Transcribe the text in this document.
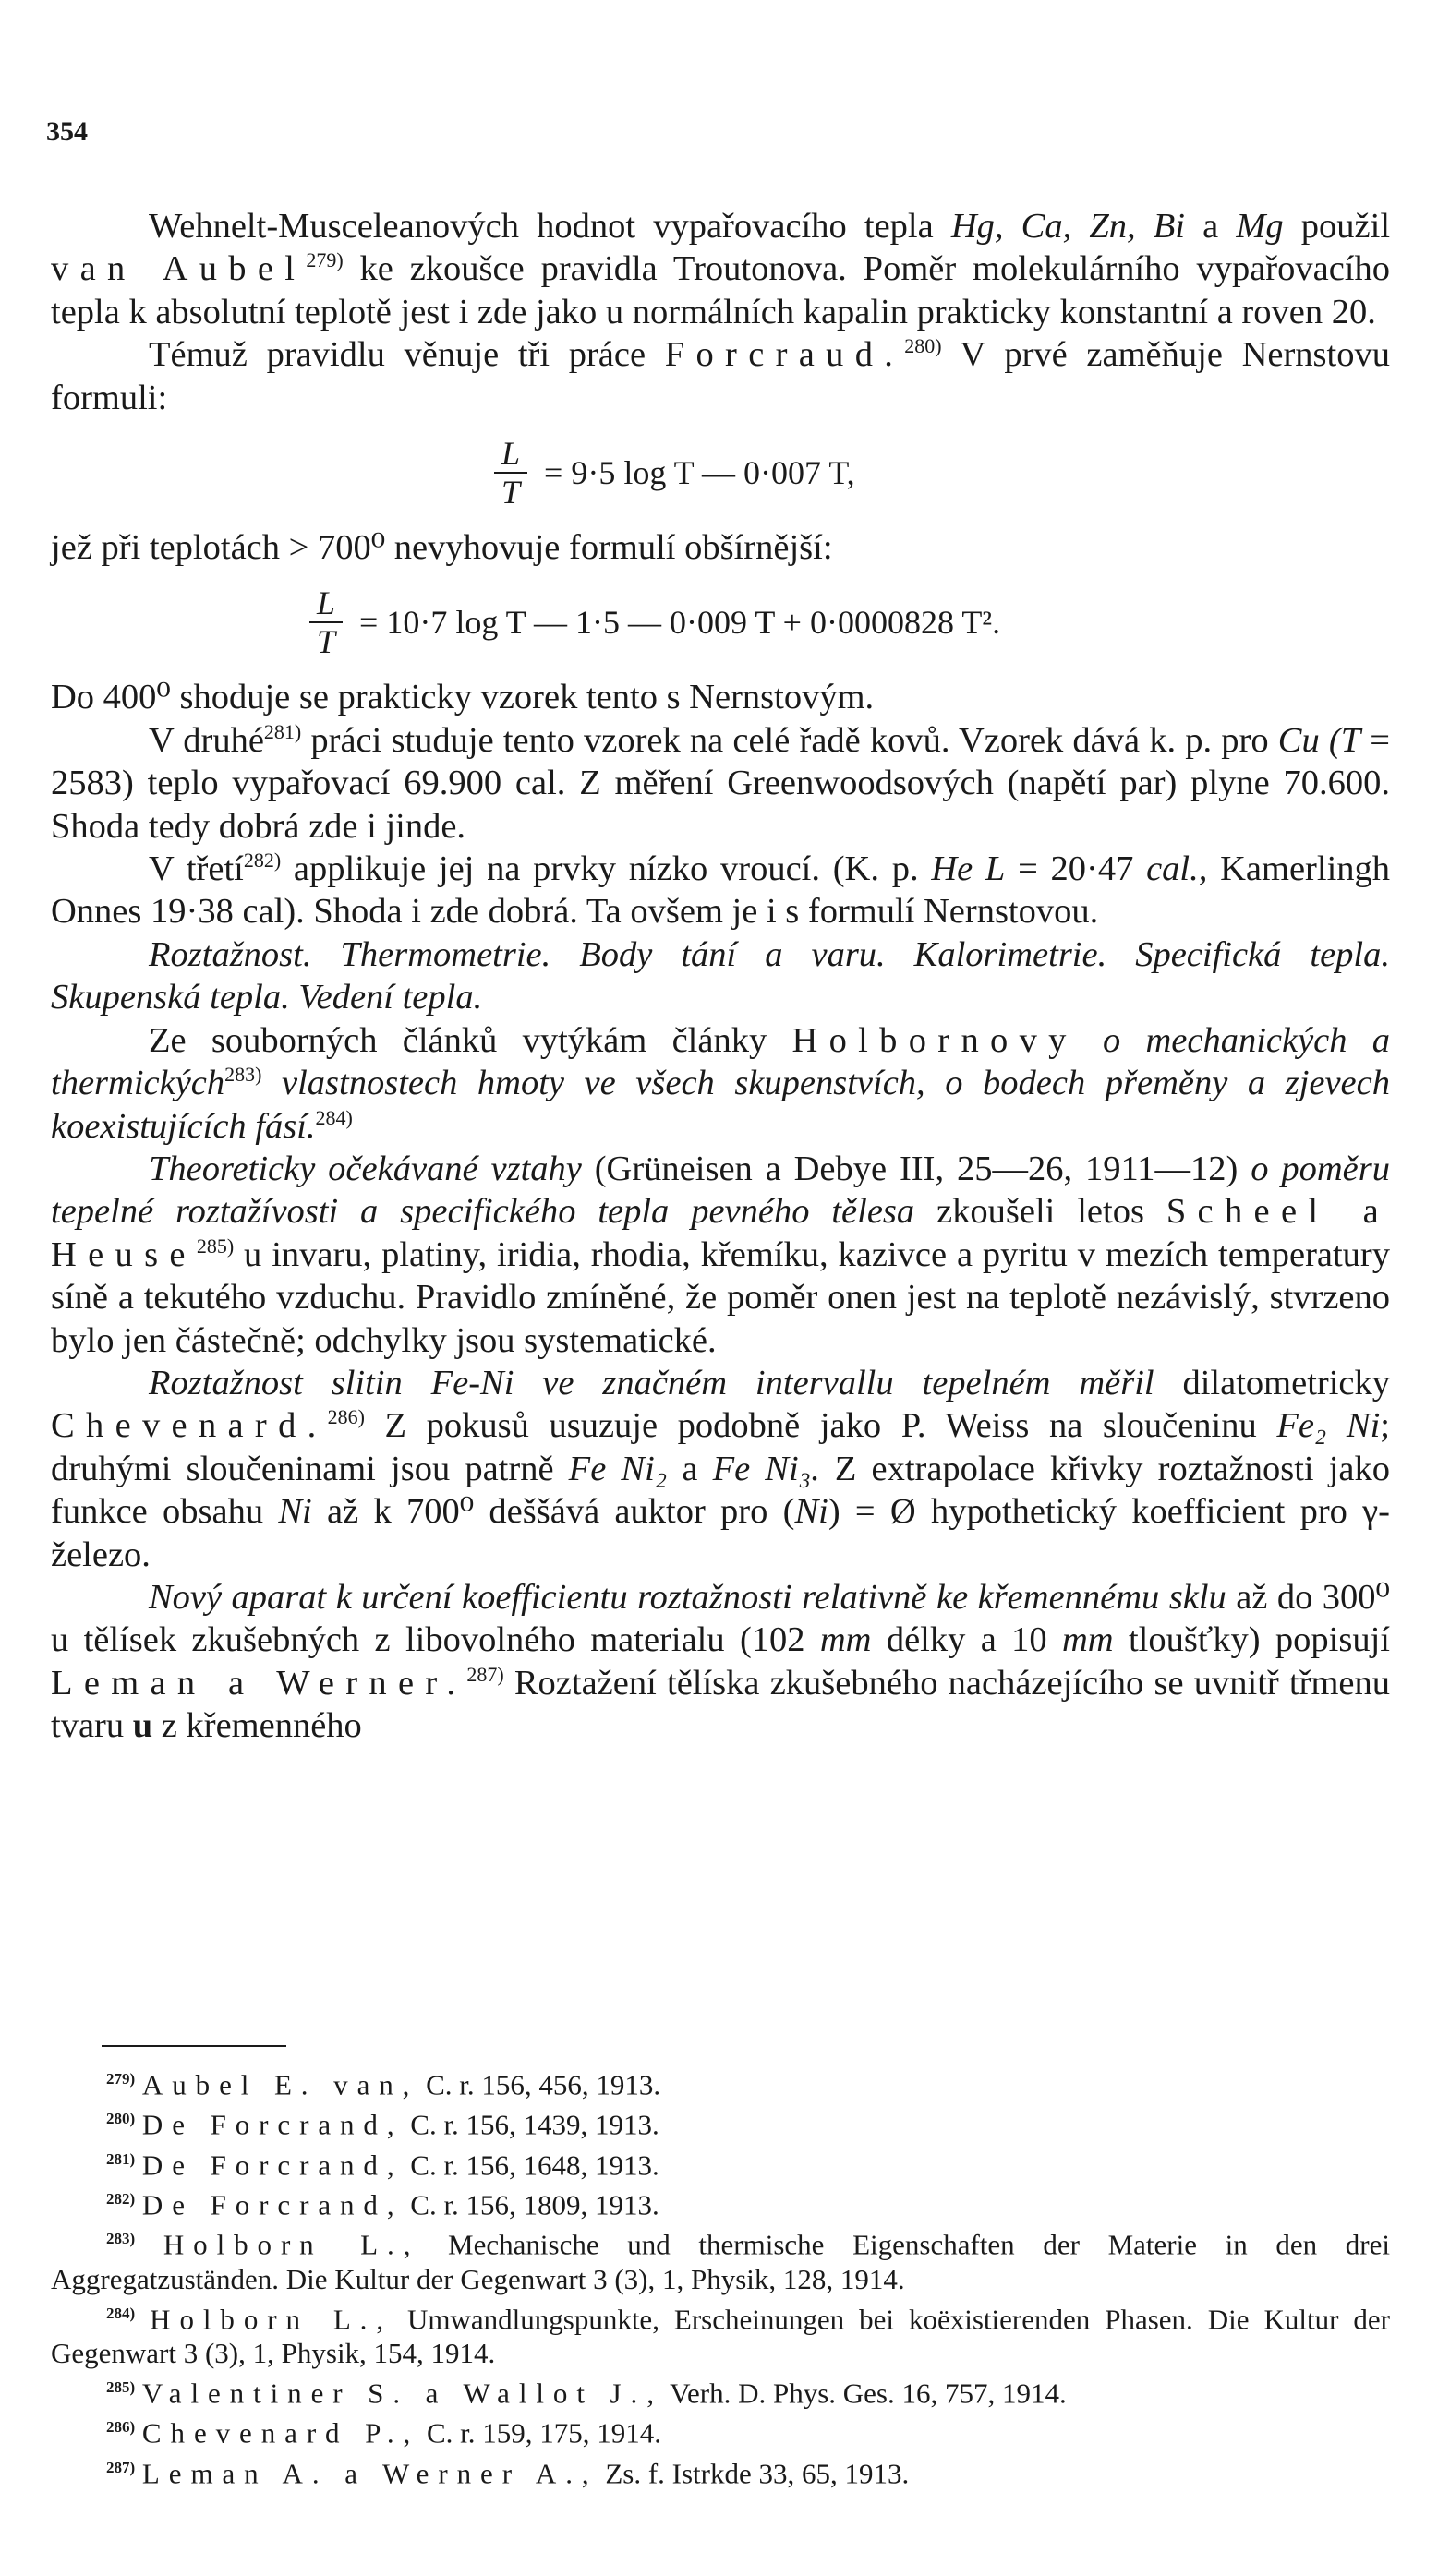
354

Wehnelt-Musceleanových hodnot vypařovacího tepla Hg, Ca, Zn, Bi a Mg použil van Aubel$^{279)}$ ke zkoušce pravidla Troutonova. Poměr molekulárního vypařovacího tepla k absolutní teplotě jest i zde jako u normálních kapalin prakticky konstantní a roven 20.

Témuž pravidlu věnuje tři práce Forcraud.$^{280)}$ V prvé zaměňuje Nernstovu formuli:

$\frac{L}{T} = 9\cdot 5$ log T — 0·007 T,

jež při teplotách > 700⁰ nevyhovuje formulí obšírnější:

$\frac{L}{T} = 10\cdot 7$ log T — 1·5 — 0·009 T + 0·0000828 T².

Do 400⁰ shoduje se prakticky vzorek tento s Nernstovým.

V druhé$^{281)}$ práci studuje tento vzorek na celé řadě kovů. Vzorek dává k. p. pro Cu (T = 2583) teplo vypařovací 69.900 cal. Z měření Greenwoodsových (napětí par) plyne 70.600. Shoda tedy dobrá zde i jinde.

V třetí$^{282)}$ applikuje jej na prvky nízko vroucí. (K. p. He L = 20·47 cal., Kamerlingh Onnes 19·38 cal). Shoda i zde dobrá. Ta ovšem je i s formulí Nernstovou.

Roztažnost. Thermometrie. Body tání a varu. Kalorimetrie. Specifická tepla. Skupenská tepla. Vedení tepla.

Ze souborných článků vytýkám články Holbornovy o mechanických a thermických$^{283)}$ vlastnostech hmoty ve všech skupenstvích, o bodech přeměny a zjevech koexistujících fásí.$^{284)}$

Theoreticky očekávané vztahy (Grüneisen a Debye III, 25—26, 1911—12) o poměru tepelné roztažívosti a specifického tepla pevného tělesa zkoušeli letos Scheel a Heuse$^{285)}$ u invaru, platiny, iridia, rhodia, křemíku, kazivce a pyritu v mezích temperatury síně a tekutého vzduchu. Pravidlo zmíněné, že poměr onen jest na teplotě nezávislý, stvrzeno bylo jen částečně; odchylky jsou systematické.

Roztažnost slitin Fe-Ni ve značném intervallu tepelném měřil dilatometricky Chevenard.$^{286)}$ Z pokusů usuzuje podobně jako P. Weiss na sloučeninu Fe₂ Ni; druhými sloučeninami jsou patrně Fe Ni₂ a Fe Ni₃. Z extrapolace křivky roztažnosti jako funkce obsahu Ni až k 700⁰ deššává auktor pro (Ni) = Ø hypothetický koefficient pro γ-železo.

Nový aparat k určení koefficientu roztažnosti relativně ke křemennému sklu až do 300⁰ u tělísek zkušebných z libovolného materialu (102 mm délky a 10 mm tloušťky) popisují Leman a Werner.$^{287)}$ Roztažení tělíska zkušebného nacházejícího se uvnitř třmenu tvaru u z křemenného

$^{279)}$ Aubel E. van, C. r. 156, 456, 1913.

$^{280)}$ De Forcrand, C. r. 156, 1439, 1913.

$^{281)}$ De Forcrand, C. r. 156, 1648, 1913.

$^{282)}$ De Forcrand, C. r. 156, 1809, 1913.

$^{283)}$ Holborn L., Mechanische und thermische Eigenschaften der Materie in den drei Aggregatzuständen. Die Kultur der Gegenwart 3 (3), 1, Physik, 128, 1914.

$^{284)}$ Holborn L., Umwandlungspunkte, Erscheinungen bei koëxistierenden Phasen. Die Kultur der Gegenwart 3 (3), 1, Physik, 154, 1914.

$^{285)}$ Valentiner S. a Wallot J., Verh. D. Phys. Ges. 16, 757, 1914.

$^{286)}$ Chevenard P., C. r. 159, 175, 1914.

$^{287)}$ Leman A. a Werner A., Zs. f. Istrkde 33, 65, 1913.
